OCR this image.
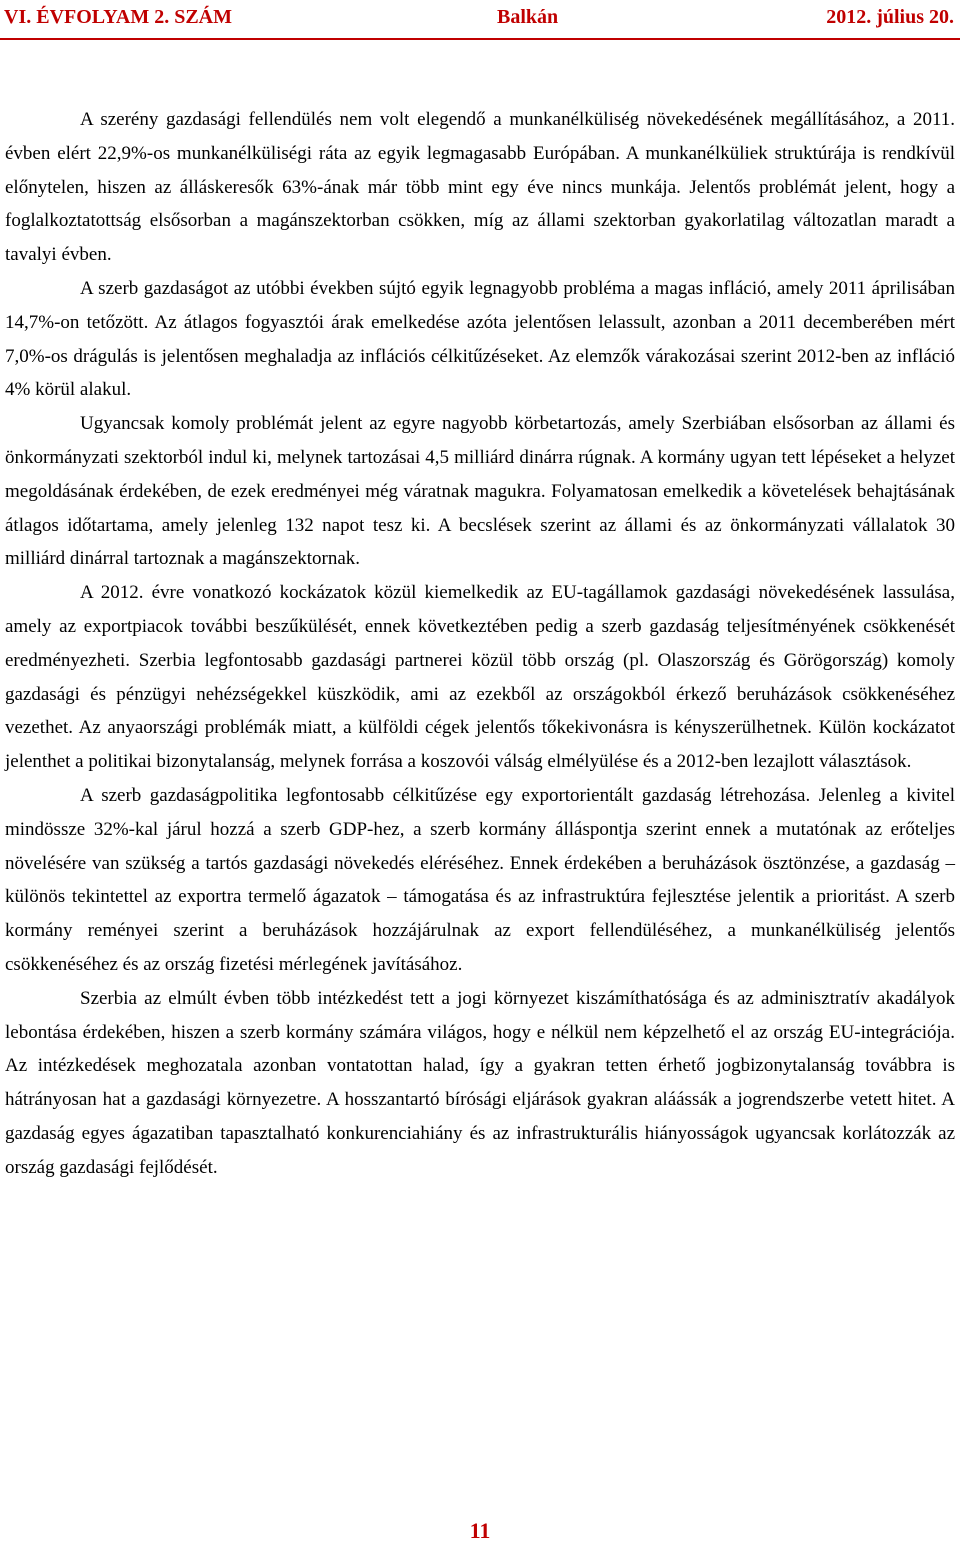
VI. ÉVFOLYAM 2. SZÁM	Balkán	2012. július 20.

A szerény gazdasági fellendülés nem volt elegendő a munkanélküliség növekedésének megállításához, a 2011. évben elért 22,9%-os munkanélküliségi ráta az egyik legmagasabb Európában. A munkanélküliek struktúrája is rendkívül előnytelen, hiszen az álláskeresők 63%-ának már több mint egy éve nincs munkája. Jelentős problémát jelent, hogy a foglalkoztatottság elsősorban a magánszektorban csökken, míg az állami szektorban gyakorlatilag változatlan maradt a tavalyi évben.

A szerb gazdaságot az utóbbi években sújtó egyik legnagyobb probléma a magas infláció, amely 2011 áprilisában 14,7%-on tetőzött. Az átlagos fogyasztói árak emelkedése azóta jelentősen lelassult, azonban a 2011 decemberében mért 7,0%-os drágulás is jelentősen meghaladja az inflációs célkitűzéseket. Az elemzők várakozásai szerint 2012-ben az infláció 4% körül alakul.

Ugyancsak komoly problémát jelent az egyre nagyobb körbetartozás, amely Szerbiában elsősorban az állami és önkormányzati szektorból indul ki, melynek tartozásai 4,5 milliárd dinárra rúgnak. A kormány ugyan tett lépéseket a helyzet megoldásának érdekében, de ezek eredményei még váratnak magukra. Folyamatosan emelkedik a követelések behajtásának átlagos időtartama, amely jelenleg 132 napot tesz ki. A becslések szerint az állami és az önkormányzati vállalatok 30 milliárd dinárral tartoznak a magánszektornak.

A 2012. évre vonatkozó kockázatok közül kiemelkedik az EU-tagállamok gazdasági növekedésének lassulása, amely az exportpiacok további beszűkülését, ennek következtében pedig a szerb gazdaság teljesítményének csökkenését eredményezheti. Szerbia legfontosabb gazdasági partnerei közül több ország (pl. Olaszország és Görögország) komoly gazdasági és pénzügyi nehézségekkel küszködik, ami az ezekből az országokból érkező beruházások csökkenéséhez vezethet. Az anyaországi problémák miatt, a külföldi cégek jelentős tőkekivonásra is kényszerülhetnek. Külön kockázatot jelenthet a politikai bizonytalanság, melynek forrása a koszovói válság elmélyülése és a 2012-ben lezajlott választások.

A szerb gazdaságpolitika legfontosabb célkitűzése egy exportorientált gazdaság létrehozása. Jelenleg a kivitel mindössze 32%-kal járul hozzá a szerb GDP-hez, a szerb kormány álláspontja szerint ennek a mutatónak az erőteljes növelésére van szükség a tartós gazdasági növekedés eléréséhez. Ennek érdekében a beruházások ösztönzése, a gazdaság – különös tekintettel az exportra termelő ágazatok – támogatása és az infrastruktúra fejlesztése jelentik a prioritást. A szerb kormány reményei szerint a beruházások hozzájárulnak az export fellendüléséhez, a munkanélküliség jelentős csökkenéséhez és az ország fizetési mérlegének javításához.

Szerbia az elmúlt évben több intézkedést tett a jogi környezet kiszámíthatósága és az adminisztratív akadályok lebontása érdekében, hiszen a szerb kormány számára világos, hogy e nélkül nem képzelhető el az ország EU-integrációja. Az intézkedések meghozatala azonban vontatottan halad, így a gyakran tetten érhető jogbizonytalanság továbbra is hátrányosan hat a gazdasági környezetre. A hosszantartó bírósági eljárások gyakran aláássák a jogrendszerbe vetett hitet. A gazdaság egyes ágazatiban tapasztalható konkurenciahiány és az infrastrukturális hiányosságok ugyancsak korlátozzák az ország gazdasági fejlődését.

11
